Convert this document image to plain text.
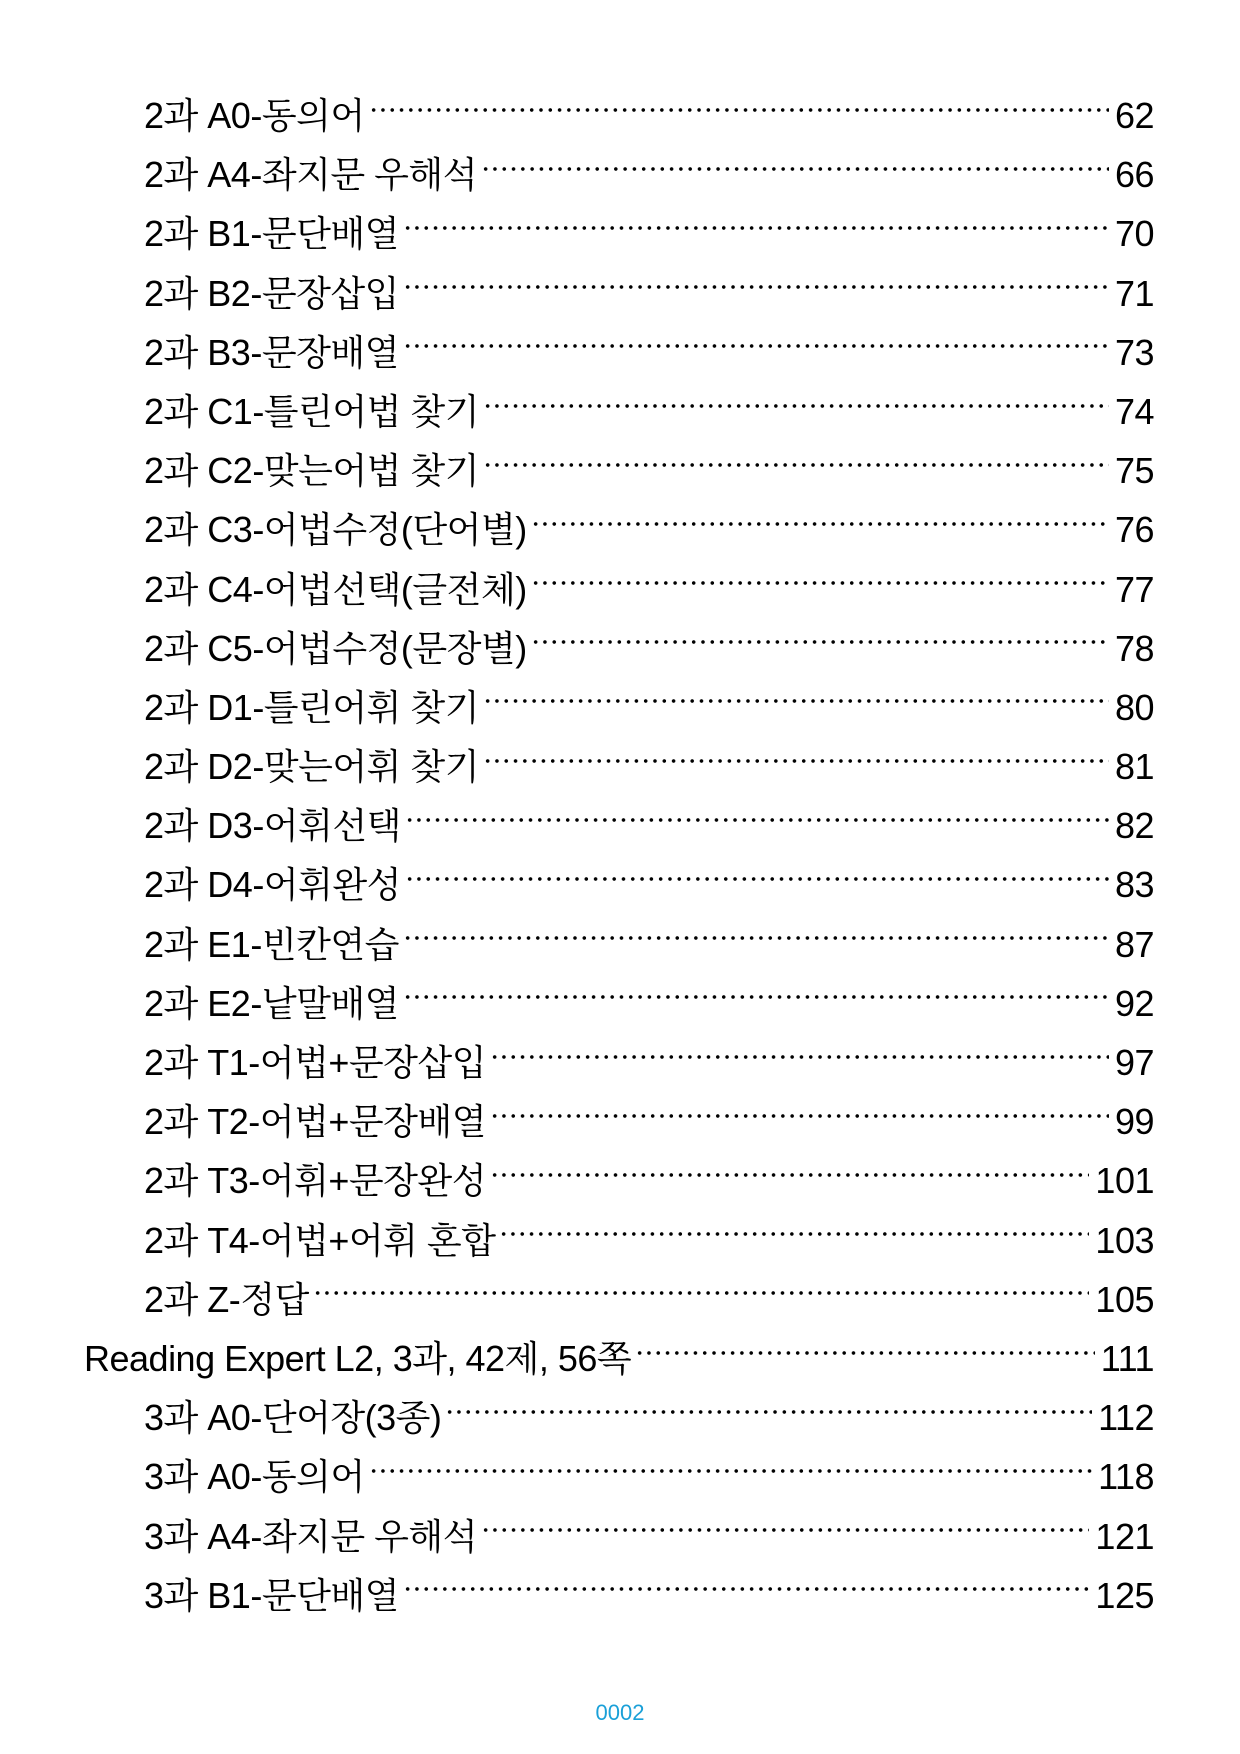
2과 A0-동의어	62
2과 A4-좌지문 우해석	66
2과 B1-문단배열	70
2과 B2-문장삽입	71
2과 B3-문장배열	73
2과 C1-틀린어법 찾기	74
2과 C2-맞는어법 찾기	75
2과 C3-어법수정(단어별)	76
2과 C4-어법선택(글전체)	77
2과 C5-어법수정(문장별)	78
2과 D1-틀린어휘 찾기	80
2과 D2-맞는어휘 찾기	81
2과 D3-어휘선택	82
2과 D4-어휘완성	83
2과 E1-빈칸연습	87
2과 E2-낱말배열	92
2과 T1-어법+문장삽입	97
2과 T2-어법+문장배열	99
2과 T3-어휘+문장완성	101
2과 T4-어법+어휘 혼합	103
2과 Z-정답	105
Reading Expert L2, 3과, 42제, 56쪽	111
3과 A0-단어장(3종)	112
3과 A0-동의어	118
3과 A4-좌지문 우해석	121
3과 B1-문단배열	125
0002
